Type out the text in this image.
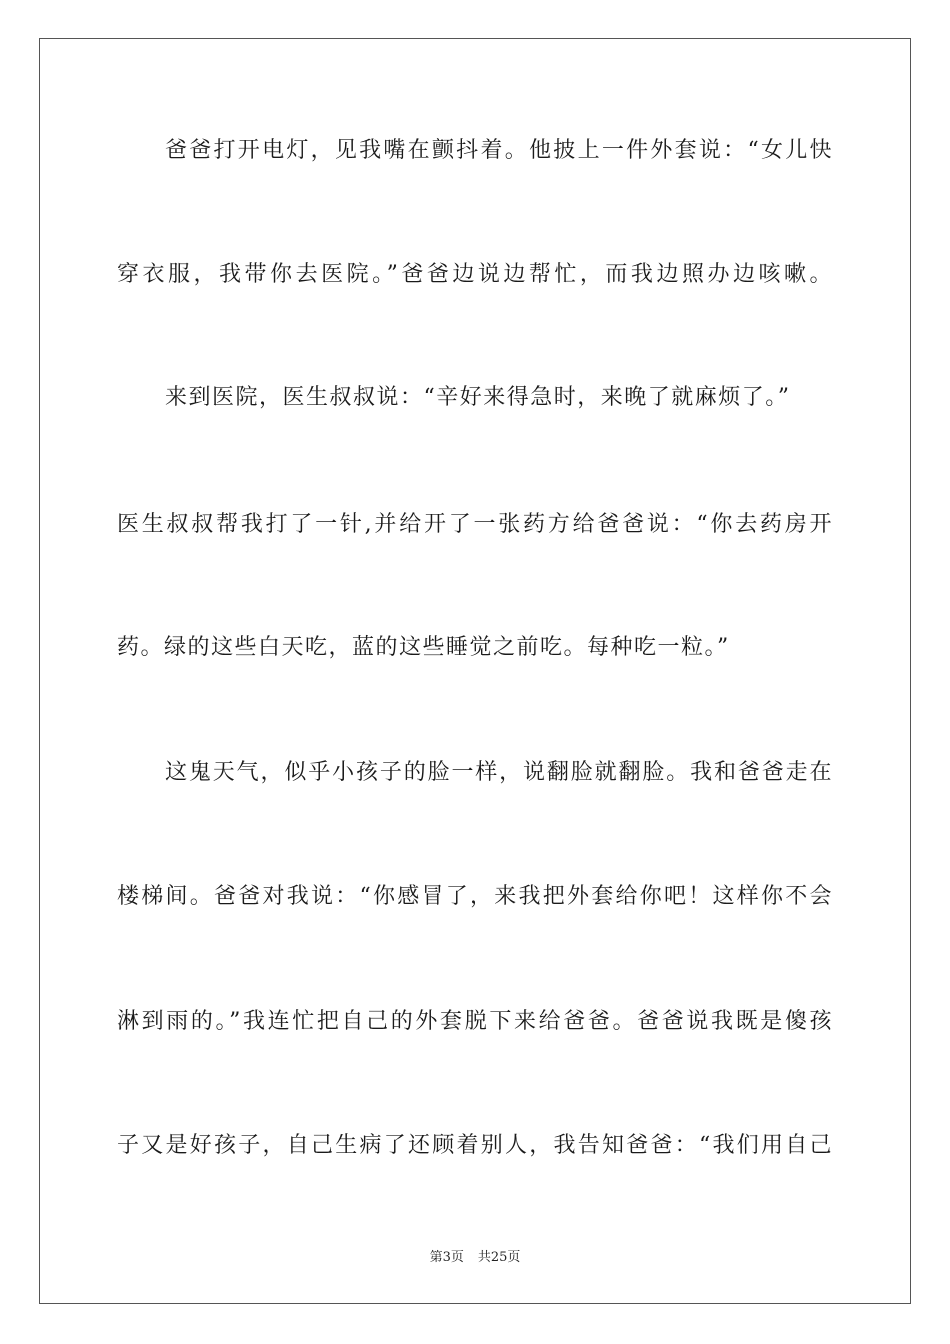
爸爸打开电灯，见我嘴在颤抖着。他披上一件外套说：“女儿快
穿衣服，我带你去医院。”爸爸边说边帮忙，而我边照办边咳嗽。
来到医院，医生叔叔说：“辛好来得急时，来晚了就麻烦了。”
医生叔叔帮我打了一针,并给开了一张药方给爸爸说：“你去药房开
药。绿的这些白天吃，蓝的这些睡觉之前吃。每种吃一粒。”
这鬼天气，似乎小孩子的脸一样，说翻脸就翻脸。我和爸爸走在
楼梯间。爸爸对我说：“你感冒了，来我把外套给你吧！这样你不会
淋到雨的。”我连忙把自己的外套脱下来给爸爸。爸爸说我既是傻孩
子又是好孩子，自己生病了还顾着别人，我告知爸爸：“我们用自己
第3页 共25页
